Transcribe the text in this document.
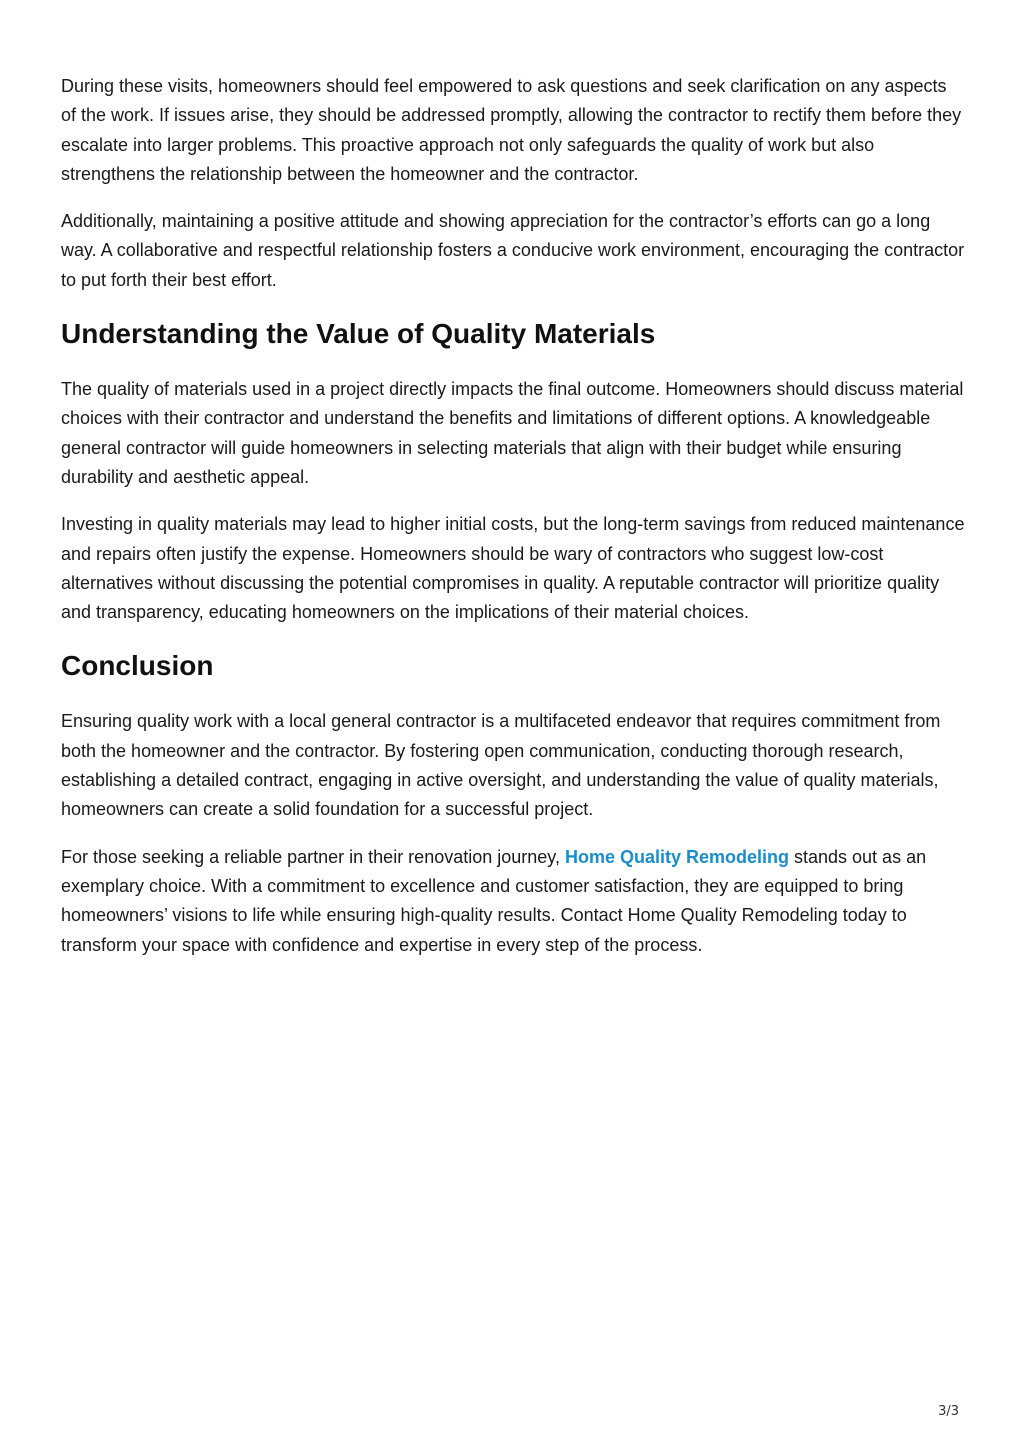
During these visits, homeowners should feel empowered to ask questions and seek clarification on any aspects of the work. If issues arise, they should be addressed promptly, allowing the contractor to rectify them before they escalate into larger problems. This proactive approach not only safeguards the quality of work but also strengthens the relationship between the homeowner and the contractor.

Additionally, maintaining a positive attitude and showing appreciation for the contractor’s efforts can go a long way. A collaborative and respectful relationship fosters a conducive work environment, encouraging the contractor to put forth their best effort.

Understanding the Value of Quality Materials

The quality of materials used in a project directly impacts the final outcome. Homeowners should discuss material choices with their contractor and understand the benefits and limitations of different options. A knowledgeable general contractor will guide homeowners in selecting materials that align with their budget while ensuring durability and aesthetic appeal.

Investing in quality materials may lead to higher initial costs, but the long-term savings from reduced maintenance and repairs often justify the expense. Homeowners should be wary of contractors who suggest low-cost alternatives without discussing the potential compromises in quality. A reputable contractor will prioritize quality and transparency, educating homeowners on the implications of their material choices.

Conclusion

Ensuring quality work with a local general contractor is a multifaceted endeavor that requires commitment from both the homeowner and the contractor. By fostering open communication, conducting thorough research, establishing a detailed contract, engaging in active oversight, and understanding the value of quality materials, homeowners can create a solid foundation for a successful project.

For those seeking a reliable partner in their renovation journey, Home Quality Remodeling stands out as an exemplary choice. With a commitment to excellence and customer satisfaction, they are equipped to bring homeowners’ visions to life while ensuring high-quality results. Contact Home Quality Remodeling today to transform your space with confidence and expertise in every step of the process.

3/3
